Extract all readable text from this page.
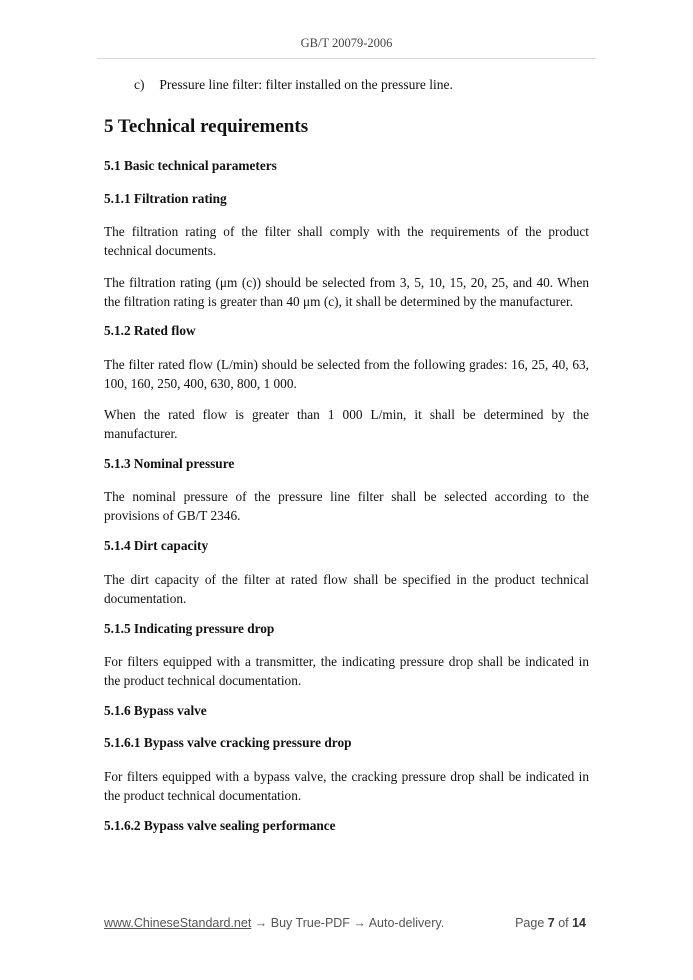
GB/T 20079-2006
c) Pressure line filter: filter installed on the pressure line.
5 Technical requirements
5.1 Basic technical parameters
5.1.1 Filtration rating

The filtration rating of the filter shall comply with the requirements of the product technical documents.

The filtration rating (μm (c)) should be selected from 3, 5, 10, 15, 20, 25, and 40. When the filtration rating is greater than 40 μm (c), it shall be determined by the manufacturer.

5.1.2 Rated flow

The filter rated flow (L/min) should be selected from the following grades: 16, 25, 40, 63, 100, 160, 250, 400, 630, 800, 1 000.

When the rated flow is greater than 1 000 L/min, it shall be determined by the manufacturer.

5.1.3 Nominal pressure

The nominal pressure of the pressure line filter shall be selected according to the provisions of GB/T 2346.

5.1.4 Dirt capacity

The dirt capacity of the filter at rated flow shall be specified in the product technical documentation.

5.1.5 Indicating pressure drop

For filters equipped with a transmitter, the indicating pressure drop shall be indicated in the product technical documentation.

5.1.6 Bypass valve
5.1.6.1 Bypass valve cracking pressure drop

For filters equipped with a bypass valve, the cracking pressure drop shall be indicated in the product technical documentation.

5.1.6.2 Bypass valve sealing performance
www.ChineseStandard.net → Buy True-PDF → Auto-delivery.	Page 7 of 14
